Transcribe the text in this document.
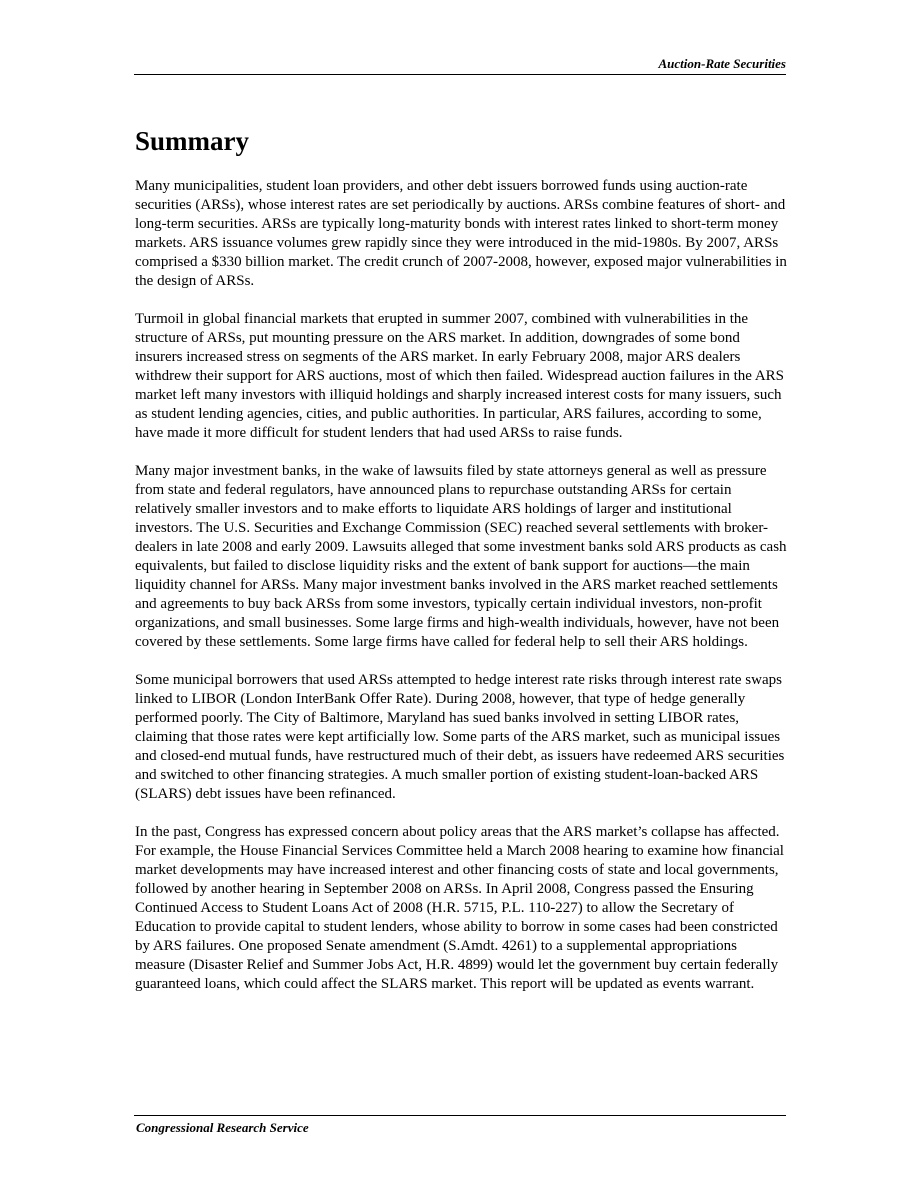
Auction-Rate Securities
Summary

Many municipalities, student loan providers, and other debt issuers borrowed funds using auction-rate securities (ARSs), whose interest rates are set periodically by auctions. ARSs combine features of short- and long-term securities. ARSs are typically long-maturity bonds with interest rates linked to short-term money markets. ARS issuance volumes grew rapidly since they were introduced in the mid-1980s. By 2007, ARSs comprised a $330 billion market. The credit crunch of 2007-2008, however, exposed major vulnerabilities in the design of ARSs.

Turmoil in global financial markets that erupted in summer 2007, combined with vulnerabilities in the structure of ARSs, put mounting pressure on the ARS market. In addition, downgrades of some bond insurers increased stress on segments of the ARS market. In early February 2008, major ARS dealers withdrew their support for ARS auctions, most of which then failed. Widespread auction failures in the ARS market left many investors with illiquid holdings and sharply increased interest costs for many issuers, such as student lending agencies, cities, and public authorities. In particular, ARS failures, according to some, have made it more difficult for student lenders that had used ARSs to raise funds.

Many major investment banks, in the wake of lawsuits filed by state attorneys general as well as pressure from state and federal regulators, have announced plans to repurchase outstanding ARSs for certain relatively smaller investors and to make efforts to liquidate ARS holdings of larger and institutional investors. The U.S. Securities and Exchange Commission (SEC) reached several settlements with broker-dealers in late 2008 and early 2009. Lawsuits alleged that some investment banks sold ARS products as cash equivalents, but failed to disclose liquidity risks and the extent of bank support for auctions—the main liquidity channel for ARSs. Many major investment banks involved in the ARS market reached settlements and agreements to buy back ARSs from some investors, typically certain individual investors, non-profit organizations, and small businesses. Some large firms and high-wealth individuals, however, have not been covered by these settlements. Some large firms have called for federal help to sell their ARS holdings.

Some municipal borrowers that used ARSs attempted to hedge interest rate risks through interest rate swaps linked to LIBOR (London InterBank Offer Rate). During 2008, however, that type of hedge generally performed poorly. The City of Baltimore, Maryland has sued banks involved in setting LIBOR rates, claiming that those rates were kept artificially low. Some parts of the ARS market, such as municipal issues and closed-end mutual funds, have restructured much of their debt, as issuers have redeemed ARS securities and switched to other financing strategies. A much smaller portion of existing student-loan-backed ARS (SLARS) debt issues have been refinanced.

In the past, Congress has expressed concern about policy areas that the ARS market’s collapse has affected. For example, the House Financial Services Committee held a March 2008 hearing to examine how financial market developments may have increased interest and other financing costs of state and local governments, followed by another hearing in September 2008 on ARSs. In April 2008, Congress passed the Ensuring Continued Access to Student Loans Act of 2008 (H.R. 5715, P.L. 110-227) to allow the Secretary of Education to provide capital to student lenders, whose ability to borrow in some cases had been constricted by ARS failures. One proposed Senate amendment (S.Amdt. 4261) to a supplemental appropriations measure (Disaster Relief and Summer Jobs Act, H.R. 4899) would let the government buy certain federally guaranteed loans, which could affect the SLARS market. This report will be updated as events warrant.

Congressional Research Service
